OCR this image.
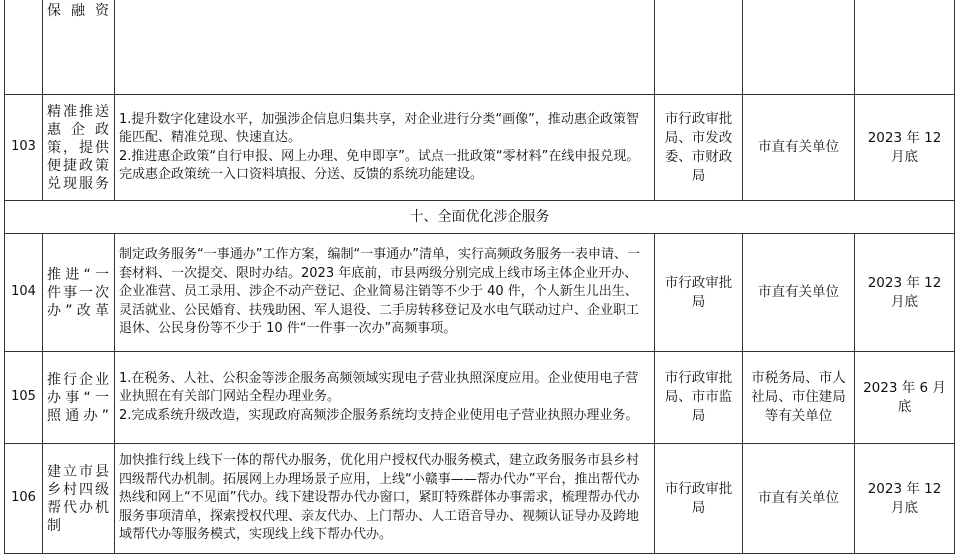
	保融资				
103	精准推送惠企政策，提供便捷政策兑现服务	1.提升数字化建设水平，加强涉企信息归集共享，对企业进行分类“画像”，推动惠企政策智能匹配、精准兑现、快速直达。
2.推进惠企政策“自行申报、网上办理、免申即享”。试点一批政策“零材料”在线申报兑现。完成惠企政策统一入口资料填报、分送、反馈的系统功能建设。	市行政审批局、市发改委、市财政局	市直有关单位	2023 年 12 月底
十、全面优化涉企服务					
104	推进“一件事一次办”改革	制定政务服务“一事通办”工作方案，编制“一事通办”清单，实行高频政务服务一表申请、一套材料、一次提交、限时办结。2023 年底前，市县两级分别完成上线市场主体企业开办、企业准营、员工录用、涉企不动产登记、企业简易注销等不少于 40 件，个人新生儿出生、灵活就业、公民婚育、扶残助困、军人退役、二手房转移登记及水电气联动过户、企业职工退休、公民身份等不少于 10 件“一件事一次办”高频事项。	市行政审批局	市直有关单位	2023 年 12 月底
105	推行企业办事“一照通办”	1.在税务、人社、公积金等涉企服务高频领域实现电子营业执照深度应用。企业使用电子营业执照在有关部门网站全程办理业务。
2.完成系统升级改造，实现政府高频涉企服务系统均支持企业使用电子营业执照办理业务。	市行政审批局、市市监局	市税务局、市人社局、市住建局等有关单位	2023 年 6 月底
106	建立市县乡村四级帮代办机制	加快推行线上线下一体的帮代办服务，优化用户授权代办服务模式，建立政务服务市县乡村四级帮代办机制。拓展网上办理场景子应用，上线“小赣事——帮办代办”平台，推出帮代办热线和网上“不见面”代办。线下建设帮办代办窗口，紧盯特殊群体办事需求，梳理帮办代办服务事项清单，探索授权代理、亲友代办、上门帮办、人工语音导办、视频认证导办及跨地域帮代办等服务模式，实现线上线下帮办代办。	市行政审批局	市直有关单位	2023 年 12 月底
